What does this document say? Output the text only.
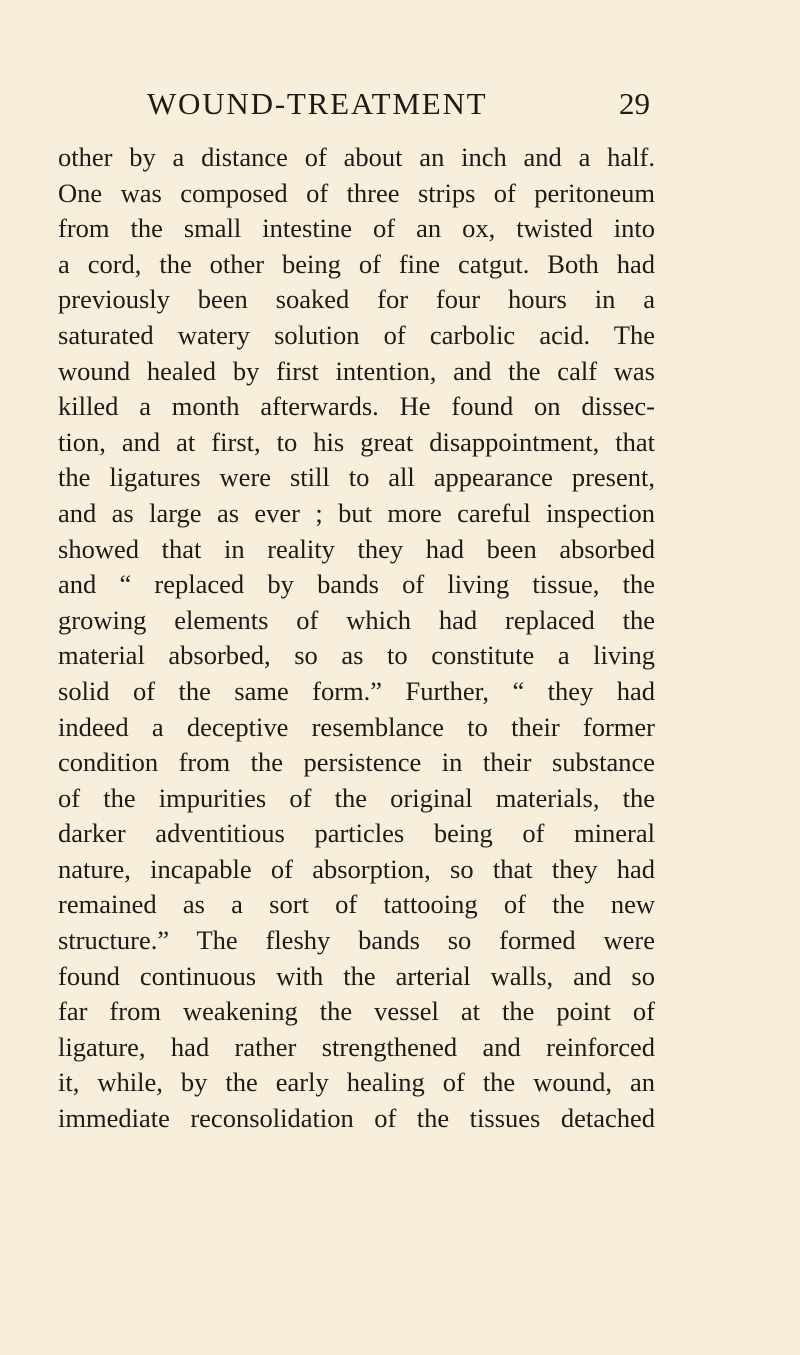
WOUND-TREATMENT	29
other by a distance of about an inch and a half.
One was composed of three strips of peritoneum
from the small intestine of an ox, twisted into
a cord, the other being of fine catgut. Both had
previously been soaked for four hours in a
saturated watery solution of carbolic acid. The
wound healed by first intention, and the calf was
killed a month afterwards. He found on dissec-
tion, and at first, to his great disappointment, that
the ligatures were still to all appearance present,
and as large as ever ; but more careful inspection
showed that in reality they had been absorbed
and “ replaced by bands of living tissue, the
growing elements of which had replaced the
material absorbed, so as to constitute a living
solid of the same form.” Further, “ they had
indeed a deceptive resemblance to their former
condition from the persistence in their substance
of the impurities of the original materials, the
darker adventitious particles being of mineral
nature, incapable of absorption, so that they had
remained as a sort of tattooing of the new
structure.” The fleshy bands so formed were
found continuous with the arterial walls, and so
far from weakening the vessel at the point of
ligature, had rather strengthened and reinforced
it, while, by the early healing of the wound, an
immediate reconsolidation of the tissues detached
